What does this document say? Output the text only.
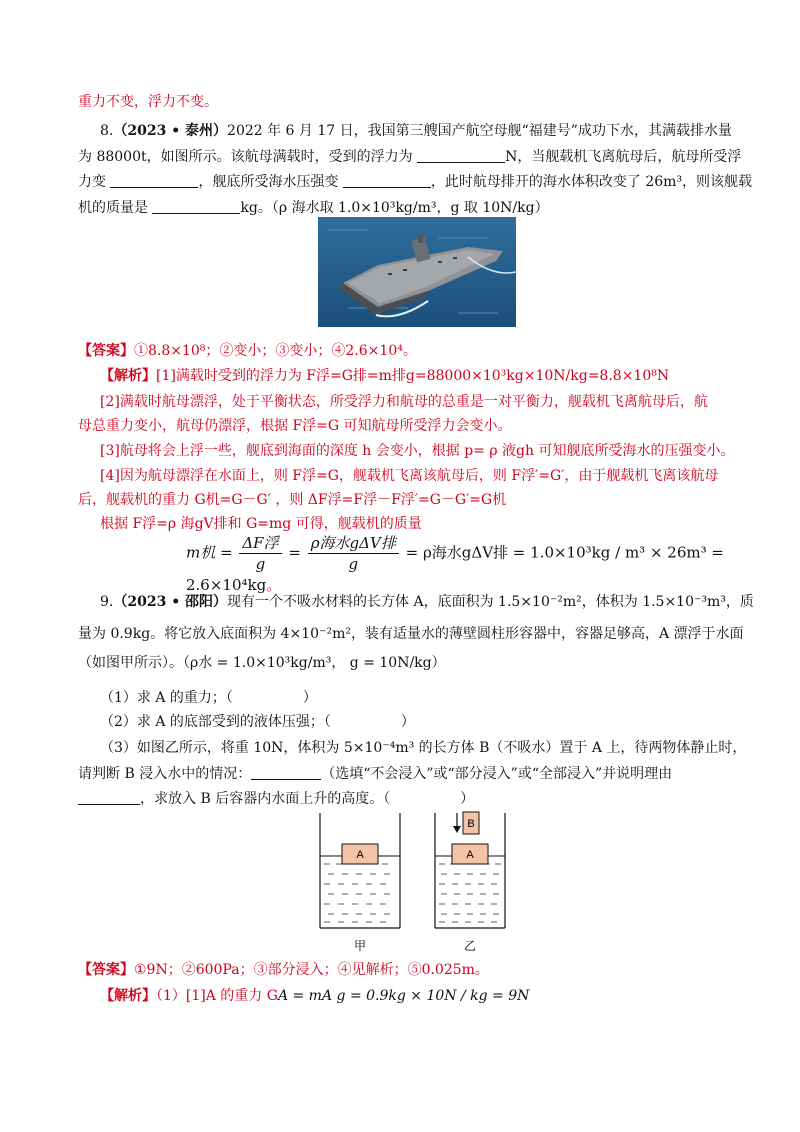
重力不变，浮力不变。
8.（2023 • 泰州）2022 年 6 月 17 日，我国第三艘国产航空母舰“福建号”成功下水，其满载排水量
为 88000t，如图所示。该航母满载时，受到的浮力为	N，当舰载机飞离航母后，航母所受浮
力变	，舰底所受海水压强变	，此时航母排开的海水体积改变了 26m³，则该舰载
机的质量是	kg。（ρ 海水取 1.0×10³kg/m³，g 取 10N/kg）
【答案】①8.8×10⁸；②变小；③变小；④2.6×10⁴。
【解析】[1]满载时受到的浮力为 F浮=G排=m排g=88000×10³kg×10N/kg=8.8×10⁸N
[2]满载时航母漂浮，处于平衡状态，所受浮力和航母的总重是一对平衡力，舰载机飞离航母后，航
母总重力变小，航母仍漂浮，根据 F浮=G 可知航母所受浮力会变小。
[3]航母将会上浮一些，舰底到海面的深度 h 会变小，根据 p= ρ 液gh 可知舰底所受海水的压强变小。
[4]因为航母漂浮在水面上，则 F浮=G，舰载机飞离该航母后，则 F浮′=G′，由于舰载机飞离该航母
后，舰载机的重力 G机=G－G′ ，则 ΔF浮=F浮－F浮′=G－G′=G机
根据 F浮=ρ 海gV排和 G=mg 可得，舰载机的质量
m机 = $\frac{\text{ΔF浮}}{g} = \frac{\text{ρ海水gΔV排}}{g} = \rho$海水gΔV排 = 1.0×10³kg / m³ × 26m³ = 2.6×10⁴kg。
9.（2023 • 邵阳）现有一个不吸水材料的长方体 A，底面积为 1.5×10⁻²m²，体积为 1.5×10⁻³m³，质
量为 0.9kg。将它放入底面积为 4×10⁻²m²，装有适量水的薄壁圆柱形容器中，容器足够高，A 漂浮于水面
（如图甲所示）。（ρ水 = 1.0×10³kg/m³， g = 10N/kg）
（1）求 A 的重力；（　　　　　）
（2）求 A 的底部受到的液体压强；（　　　　　）
（3）如图乙所示，将重 10N，体积为 5×10⁻⁴m³ 的长方体 B（不吸水）置于 A 上，待两物体静止时，
请判断 B 浸入水中的情况：	（选填“不会浸入”或“部分浸入”或“全部浸入”并说明理由
，求放入 B 后容器内水面上升的高度。（　　　　　）
A
甲
A
B
乙
【答案】①9N；②600Pa；③部分浸入；④见解析；⑤0.025m。
【解析】（1）[1]A 的重力 GA = mA g = 0.9kg × 10N / kg = 9N
